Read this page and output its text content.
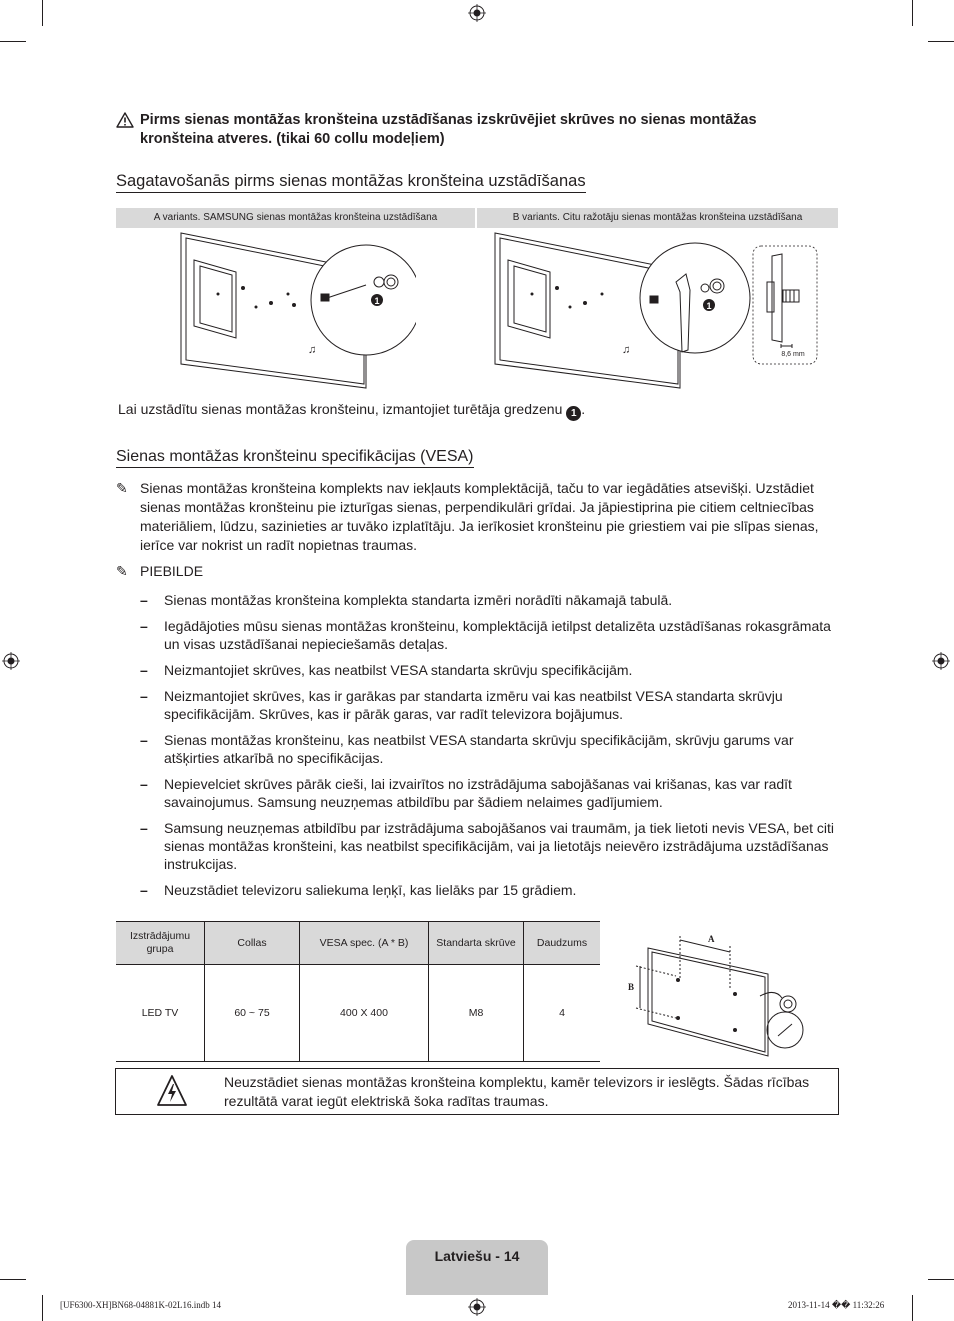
Pirms sienas montāžas kronšteina uzstādīšanas izskrūvējiet skrūves no sienas montāžas kronšteina atveres. (tikai 60 collu modeļiem)
Sagatavošanās pirms sienas montāžas kronšteina uzstādīšanas
A variants. SAMSUNG sienas montāžas kronšteina uzstādīšana	B variants. Citu ražotāju sienas montāžas kronšteina uzstādīšana
♫
1
♫
1
8,6 mm
Lai uzstādītu sienas montāžas kronšteinu, izmantojiet turētāja gredzenu 1 .
Sienas montāžas kronšteinu specifikācijas (VESA)
✎ Sienas montāžas kronšteina komplekts nav iekļauts komplektācijā, taču to var iegādāties atsevišķi. Uzstādiet sienas montāžas kronšteinu pie izturīgas sienas, perpendikulāri grīdai. Ja jāpiestiprina pie citiem celtniecības materiāliem, lūdzu, sazinieties ar tuvāko izplatītāju. Ja ierīkosiet kronšteinu pie griestiem vai pie slīpas sienas, ierīce var nokrist un radīt nopietnas traumas.
✎ PIEBILDE
– Sienas montāžas kronšteina komplekta standarta izmēri norādīti nākamajā tabulā.
– Iegādājoties mūsu sienas montāžas kronšteinu, komplektācijā ietilpst detalizēta uzstādīšanas rokasgrāmata un visas uzstādīšanai nepieciešamās detaļas.
– Neizmantojiet skrūves, kas neatbilst VESA standarta skrūvju specifikācijām.
– Neizmantojiet skrūves, kas ir garākas par standarta izmēru vai kas neatbilst VESA standarta skrūvju specifikācijām. Skrūves, kas ir pārāk garas, var radīt televizora bojājumus.
– Sienas montāžas kronšteinu, kas neatbilst VESA standarta skrūvju specifikācijām, skrūvju garums var atšķirties atkarībā no specifikācijas.
– Nepievelciet skrūves pārāk cieši, lai izvairītos no izstrādājuma sabojāšanas vai krišanas, kas var radīt savainojumus. Samsung neuzņemas atbildību par šādiem nelaimes gadījumiem.
– Samsung neuzņemas atbildību par izstrādājuma sabojāšanos vai traumām, ja tiek lietoti nevis VESA, bet citi sienas montāžas kronšteini, kas neatbilst specifikācijām, vai ja lietotājs neievēro izstrādājuma uzstādīšanas instrukcijas.
– Neuzstādiet televizoru saliekuma leņķī, kas lielāks par 15 grādiem.
Izstrādājumu grupa	Collas	VESA spec. (A * B)	Standarta skrūve	Daudzums
LED TV	60 ~ 75	400 X 400	M8	4
A
B
Neuzstādiet sienas montāžas kronšteina komplektu, kamēr televizors ir ieslēgts. Šādas rīcības rezultātā varat iegūt elektriskā šoka radītas traumas.
Latviešu - 14
[UF6300-XH]BN68-04881K-02L16.indb 14	2013-11-14 �� 11:32:26
